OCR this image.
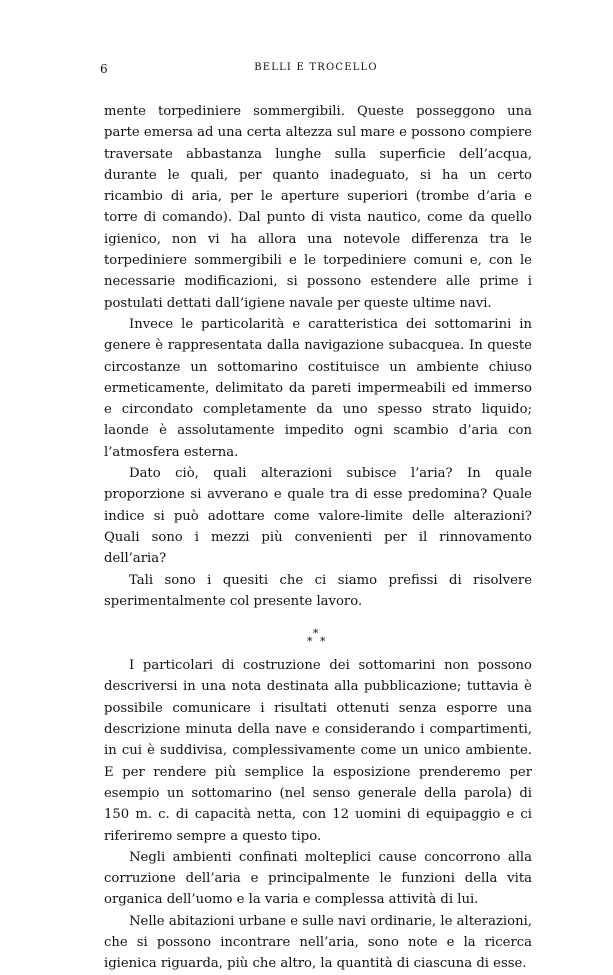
6	BELLI E TROCELLO

mente torpediniere sommergibili. Queste posseggono una parte emersa ad una certa altezza sul mare e possono compiere traversate abbastanza lunghe sulla superficie dell’acqua, durante le quali, per quanto inadeguato, si ha un certo ricambio di aria, per le aperture superiori (trombe d’aria e torre di comando). Dal punto di vista nautico, come da quello igienico, non vi ha allora una notevole differenza tra le torpediniere sommergibili e le torpediniere comuni e, con le necessarie modificazioni, si possono estendere alle prime i postulati dettati dall’igiene navale per queste ultime navi.

Invece le particolarità e caratteristica dei sottomarini in genere è rappresentata dalla navigazione subacquea. In queste circostanze un sottomarino costituisce un ambiente chiuso ermeticamente, delimitato da pareti impermeabili ed immerso e circondato completamente da uno spesso strato liquido; laonde è assolutamente impedito ogni scambio d’aria con l’atmosfera esterna.

Dato ciò, quali alterazioni subisce l’aria? In quale proporzione si avverano e quale tra di esse predomina? Quale indice si può adottare come valore-limite delle alterazioni? Quali sono i mezzi più convenienti per il rinnovamento dell’aria?

Tali sono i quesiti che ci siamo prefissi di risolvere sperimentalmente col presente lavoro.

*
* *

I particolari di costruzione dei sottomarini non possono descriversi in una nota destinata alla pubblicazione; tuttavia è possibile comunicare i risultati ottenuti senza esporre una descrizione minuta della nave e considerando i compartimenti, in cui è suddivisa, complessivamente come un unico ambiente. E per rendere più semplice la esposizione prenderemo per esempio un sottomarino (nel senso generale della parola) di 150 m. c. di capacità netta, con 12 uomini di equipaggio e ci riferiremo sempre a questo tipo.

Negli ambienti confinati molteplici cause concorrono alla corruzione dell’aria e principalmente le funzioni della vita organica dell’uomo e la varia e complessa attività di lui.

Nelle abitazioni urbane e sulle navi ordinarie, le alterazioni, che si possono incontrare nell’aria, sono note e la ricerca igienica riguarda, più che altro, la quantità di ciascuna di esse.
